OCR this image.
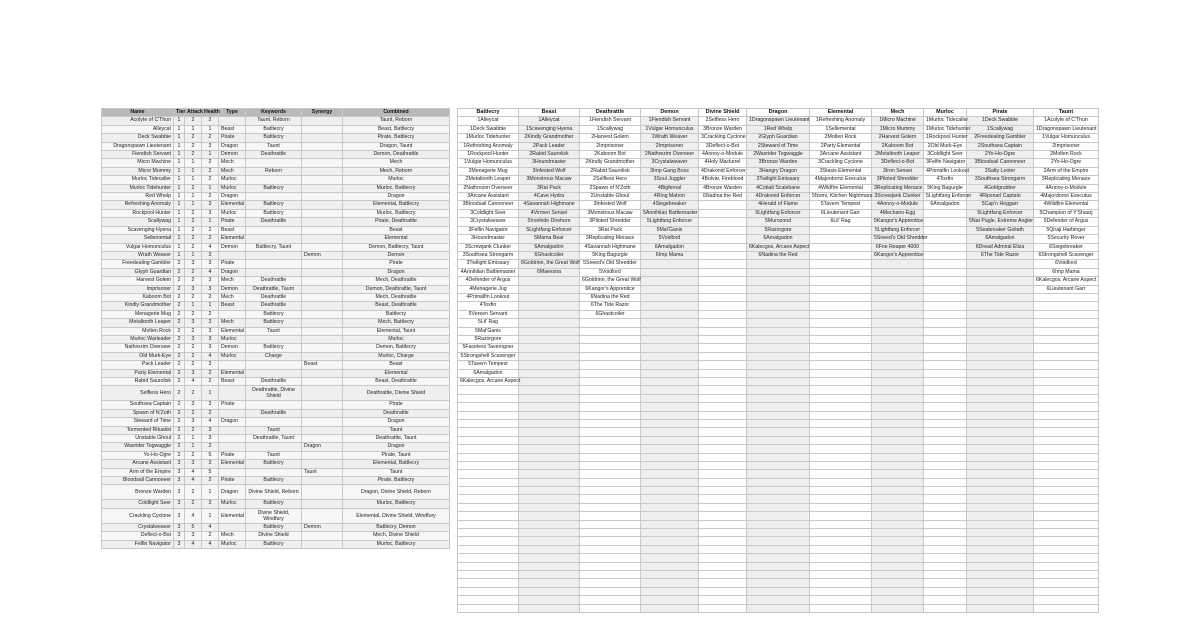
Name	Tier	Attack	Health	Type	Keywords	Synergy	Combined
Acolyte of C'Thun	1	2	2		Taunt, Reborn		Taunt, Reborn
Alleycat	1	1	1	Beast	Battlecry		Beast, Battlecry
Deck Swabbie	1	2	2	Pirate	Battlecry		Pirate, Battlecry
Dragonspawn Lieutenant	1	2	3	Dragon	Taunt		Dragon, Taunt
Fiendish Servant	1	2	1	Demon	Deathrattle		Demon, Deathrattle
Micro Machine	1	1	2	Mech			Mech
Micro Mummy	1	1	2	Mech	Reborn		Mech, Reborn
Murloc Tidecaller	1	1	2	Murloc			Murloc
Murloc Tidehunter	1	2	1	Murloc	Battlecry		Murloc, Battlecry
Red Whelp	1	1	2	Dragon			Dragon
Refreshing Anomaly	1	1	3	Elemental	Battlecry		Elemental, Battlecry
Rockpool Hunter	1	2	3	Murloc	Battlecry		Murloc, Battlecry
Scallywag	1	2	1	Pirate	Deathrattle		Pirate, Deathrattle
Scavenging Hyena	1	2	2	Beast			Beast
Sellemental	1	2	2	Elemental			Elemental
Vulgar Homunculus	1	2	4	Demon	Battlecry, Taunt		Demon, Battlecry, Taunt
Wrath Weaver	1	1	3			Demon	Demon
Freedealing Gambler	2	3	3	Pirate			Pirate
Glyph Guardian	2	2	4	Dragon			Dragon
Harvest Golem	2	2	3	Mech	Deathrattle		Mech, Deathrattle
Imprisoner	2	3	3	Demon	Deathrattle, Taunt		Demon, Deathrattle, Taunt
Kaboom Bot	2	2	2	Mech	Deathrattle		Mech, Deathrattle
Kindly Grandmother	2	1	1	Beast	Deathrattle		Beast, Deathrattle
Menagerie Mug	2	2	2		Battlecry		Battlecry
Metaltooth Leaper	2	3	3	Mech	Battlecry		Mech, Battlecry
Molten Rock	2	2	3	Elemental	Taunt		Elemental, Taunt
Murloc Warleader	2	3	3	Murloc			Murloc
Nathrezim Overseer	2	2	3	Demon	Battlecry		Demon, Battlecry
Old Murk-Eye	2	2	4	Murloc	Charge		Murloc, Charge
Pack Leader	2	2	3			Beast	Beast
Party Elemental	2	3	2	Elemental			Elemental
Rabid Saurolisk	2	4	2	Beast	Deathrattle		Beast, Deathrattle
Selfless Hero	2	2	1		Deathrattle, Divine Shield		Deathrattle, Divine Shield
Southsea Captain	2	3	3	Pirate			Pirate
Spawn of N'Zoth	2	2	2		Deathrattle		Deathrattle
Steward of Time	2	3	4	Dragon			Dragon
Tormented Ritualist	2	2	3		Taunt		Taunt
Unstable Ghoul	2	1	3		Deathrattle, Taunt		Deathrattle, Taunt
Waxrider Togwaggle	2	1	2			Dragon	Dragon
Yo-Ho-Ogre	2	2	5	Pirate	Taunt		Pirate, Taunt
Arcane Assistant	3	3	3	Elemental	Battlecry		Elemental, Battlecry
Arm of the Empire	3	4	5			Taunt	Taunt
Bloodsail Cannoneer	3	4	2	Pirate	Battlecry		Pirate, Battlecry
Bronze Warden	3	2	1	Dragon	Divine Shield, Reborn		Dragon, Divine Shield, Reborn
Coldlight Seer	3	2	3	Murloc	Battlecry		Murloc, Battlecry
Crackling Cyclone	3	4	1	Elemental	Divine Shield, Windfury		Elemental, Divine Shield, Windfury
Crystalweaver	3	5	4		Battlecry	Demon	Battlecry, Demon
Deflect-o-Bot	3	3	2	Mech	Divine Shield		Mech, Divine Shield
Felfin Navigator	3	4	4	Murloc	Battlecry		Murloc, Battlecry
Battlecry	Beast	Deathrattle	Demon	Divine Shield	Dragon	Elemental	Mech	Murloc	Pirate	Taunt
1Alleycat	1Alleycat	1Fiendish Servant	1Fiendish Servant	2Selfless Hero	1Dragonspawn Lieutenant	1Refreshing Anomaly	1Micro Machine	1Murloc Tidecaller	1Deck Swabbie	1Acolyte of C'Thun
1Deck Swabbie	1Scavenging Hyena	1Scallywag	1Vulgar Homunculus	3Bronze Warden	1Red Whelp	1Sellemental	1Micro Mummy	1Murloc Tidehunter	1Scallywag	1Dragonspawn Lieutenant
1Murloc Tidehunter	2Kindly Grandmother	2Harvest Golem	1Wrath Weaver	3Crackling Cyclone	2Glyph Guardian	2Molten Rock	2Harvest Golem	1Rockpool Hunter	2Freedealing Gambler	1Vulgar Homunculus
1Refreshing Anomaly	2Pack Leader	2Imprisoner	2Imprisoner	3Deflect-o-Bot	2Steward of Time	2Party Elemental	2Kaboom Bot	2Old Murk-Eye	2Southsea Captain	2Imprisoner
1Rockpool Hunter	2Rabid Saurolisk	2Kaboom Bot	2Nathrezim Overseer	4Annoy-o-Module	2Waxrider Togwaggle	3Arcane Assistant	2Metaltooth Leaper	3Coldlight Seer	2Yo-Ho-Ogre	2Molten Rock
1Vulgar Homunculus	3Houndmaster	2Kindly Grandmother	3Crystalweaver	4Holy Mackerel	3Bronze Warden	3Crackling Cyclone	3Deflect-o-Bot	3Felfin Navigator	3Bloodsail Cannoneer	2Yo-Ho-Ogre
2Menagerie Mug	3Infested Wolf	2Rabid Saurolisk	3Imp Gang Boss	4Drakonid Enforcer	3Hangry Dragon	3Stasis Elemental	3Iron Sensei	4Primalfin Lookout	3Salty Looter	2Arm of the Empire
2Metaltooth Leaper	3Monstrous Macaw	2Selfless Hero	3Soul Juggler	4Bolvar, Fireblood	3Twilight Emissary	4Majordomo Executus	3Piloted Shredder	4Toxfin	3Southsea Strongarm	3Replicating Menace
2Nathrezim Overseer	3Rat Pack	2Spawn of N'Zoth	4Bigfernal	4Bronze Warden	4Cobalt Scalebane	4Wildfire Elemental	3Replicating Menace	5King Bagurgle	4Goldgrubber	4Annoy-o-Module
3Arcane Assistant	4Cave Hydra	2Unstable Ghoul	4Ring Matron	6Nadina the Red	4Drakonid Enforcer	5Nomi, Kitchen Nightmare	3Screwjank Clunker	5Lightfang Enforcer	4Ripsnarl Captain	4Majordomo Executus
3Bloodsail Cannoneer	4Savannah Highmane	3Infested Wolf	4Siegebreaker		4Herald of Flame	5Tavern Tempest	4Annoy-o-Module	6Amalgadon	5Cap'n Hoggarr	4Wildfire Elemental
3Coldlight Seer	4Virmen Sensei	3Monstrous Macaw	5Annihilan Battlemaster		5Lightfang Enforcer	6Lieutenant Garr	4Mechano-Egg		5Lightfang Enforcer	5Champion of Y'Shaarj
3Crystalweaver	5Ironhide Direhorn	3Piloted Shredder	5Lightfang Enforcer		5Murozond	6Lil' Rag	5Kangor's Apprentice		5Nat Pagle, Extreme Angler	5Defender of Argus
3Felfin Navigator	5Lightfang Enforcer	3Rat Pack	5Mal'Ganis		5Razorgore		5Lightfang Enforcer		5Seabreaker Goliath	5Qiraji Harbinger
3Houndmaster	5Mama Bear	3Replicating Menace	5Voidlord		6Amalgadon		5Sneed's Old Shredder		6Amalgadon	5Security Rover
3Screwjank Clunker	6Amalgadon	4Savannah Highmane	6Amalgadon		6Kalecgos, Arcane Aspect		6Foe Reaper 4000		6Dread Admiral Eliza	6Siegebreaker
3Southsea Strongarm	6Ghastcoiler	5King Bagurgle	6Imp Mama		6Nadina the Red		6Kangor's Apprentice		6The Tide Razor	6Strongshell Scavenger
3Twilight Emissary	6Goldrinn, the Great Wolf	5Sneed's Old Shredder								6Voidlord
4Annihilan Battlemaster	6Maexxna	5Voidlord								6Imp Mama
4Defender of Argus		6Goldrinn, the Great Wolf								6Kalecgos, Arcane Aspect
4Menagerie Jug		6Kangor's Apprentice								6Lieutenant Garr
4Primalfin Lookout		6Nadina the Red								
4Toxfin		6The Tide Razor								
5Vereen Servant		6Ghastcoiler								
5Lil' Rag										
5Mal'Ganis										
5Razorgore										
5Faceless Taverngoer										
5Strongshell Scavenger										
5Tavern Tempest										
6Amalgadon										
6Kalecgos, Arcane Aspect										
